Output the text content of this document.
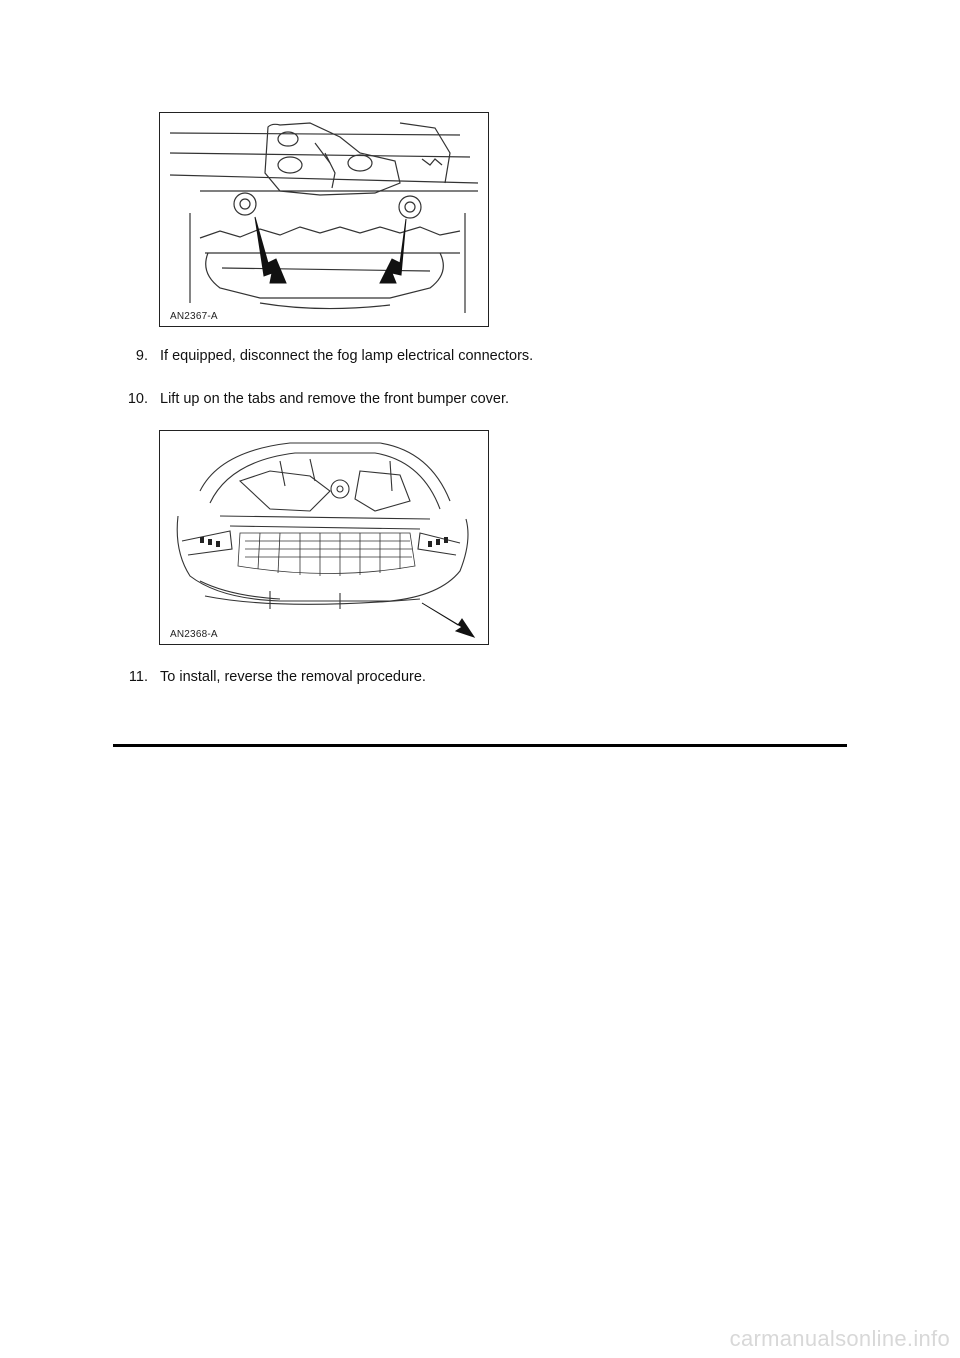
AN2367-A
9. If equipped, disconnect the fog lamp electrical connectors.
10. Lift up on the tabs and remove the front bumper cover.
AN2368-A
11. To install, reverse the removal procedure.
carmanualsonline.info
